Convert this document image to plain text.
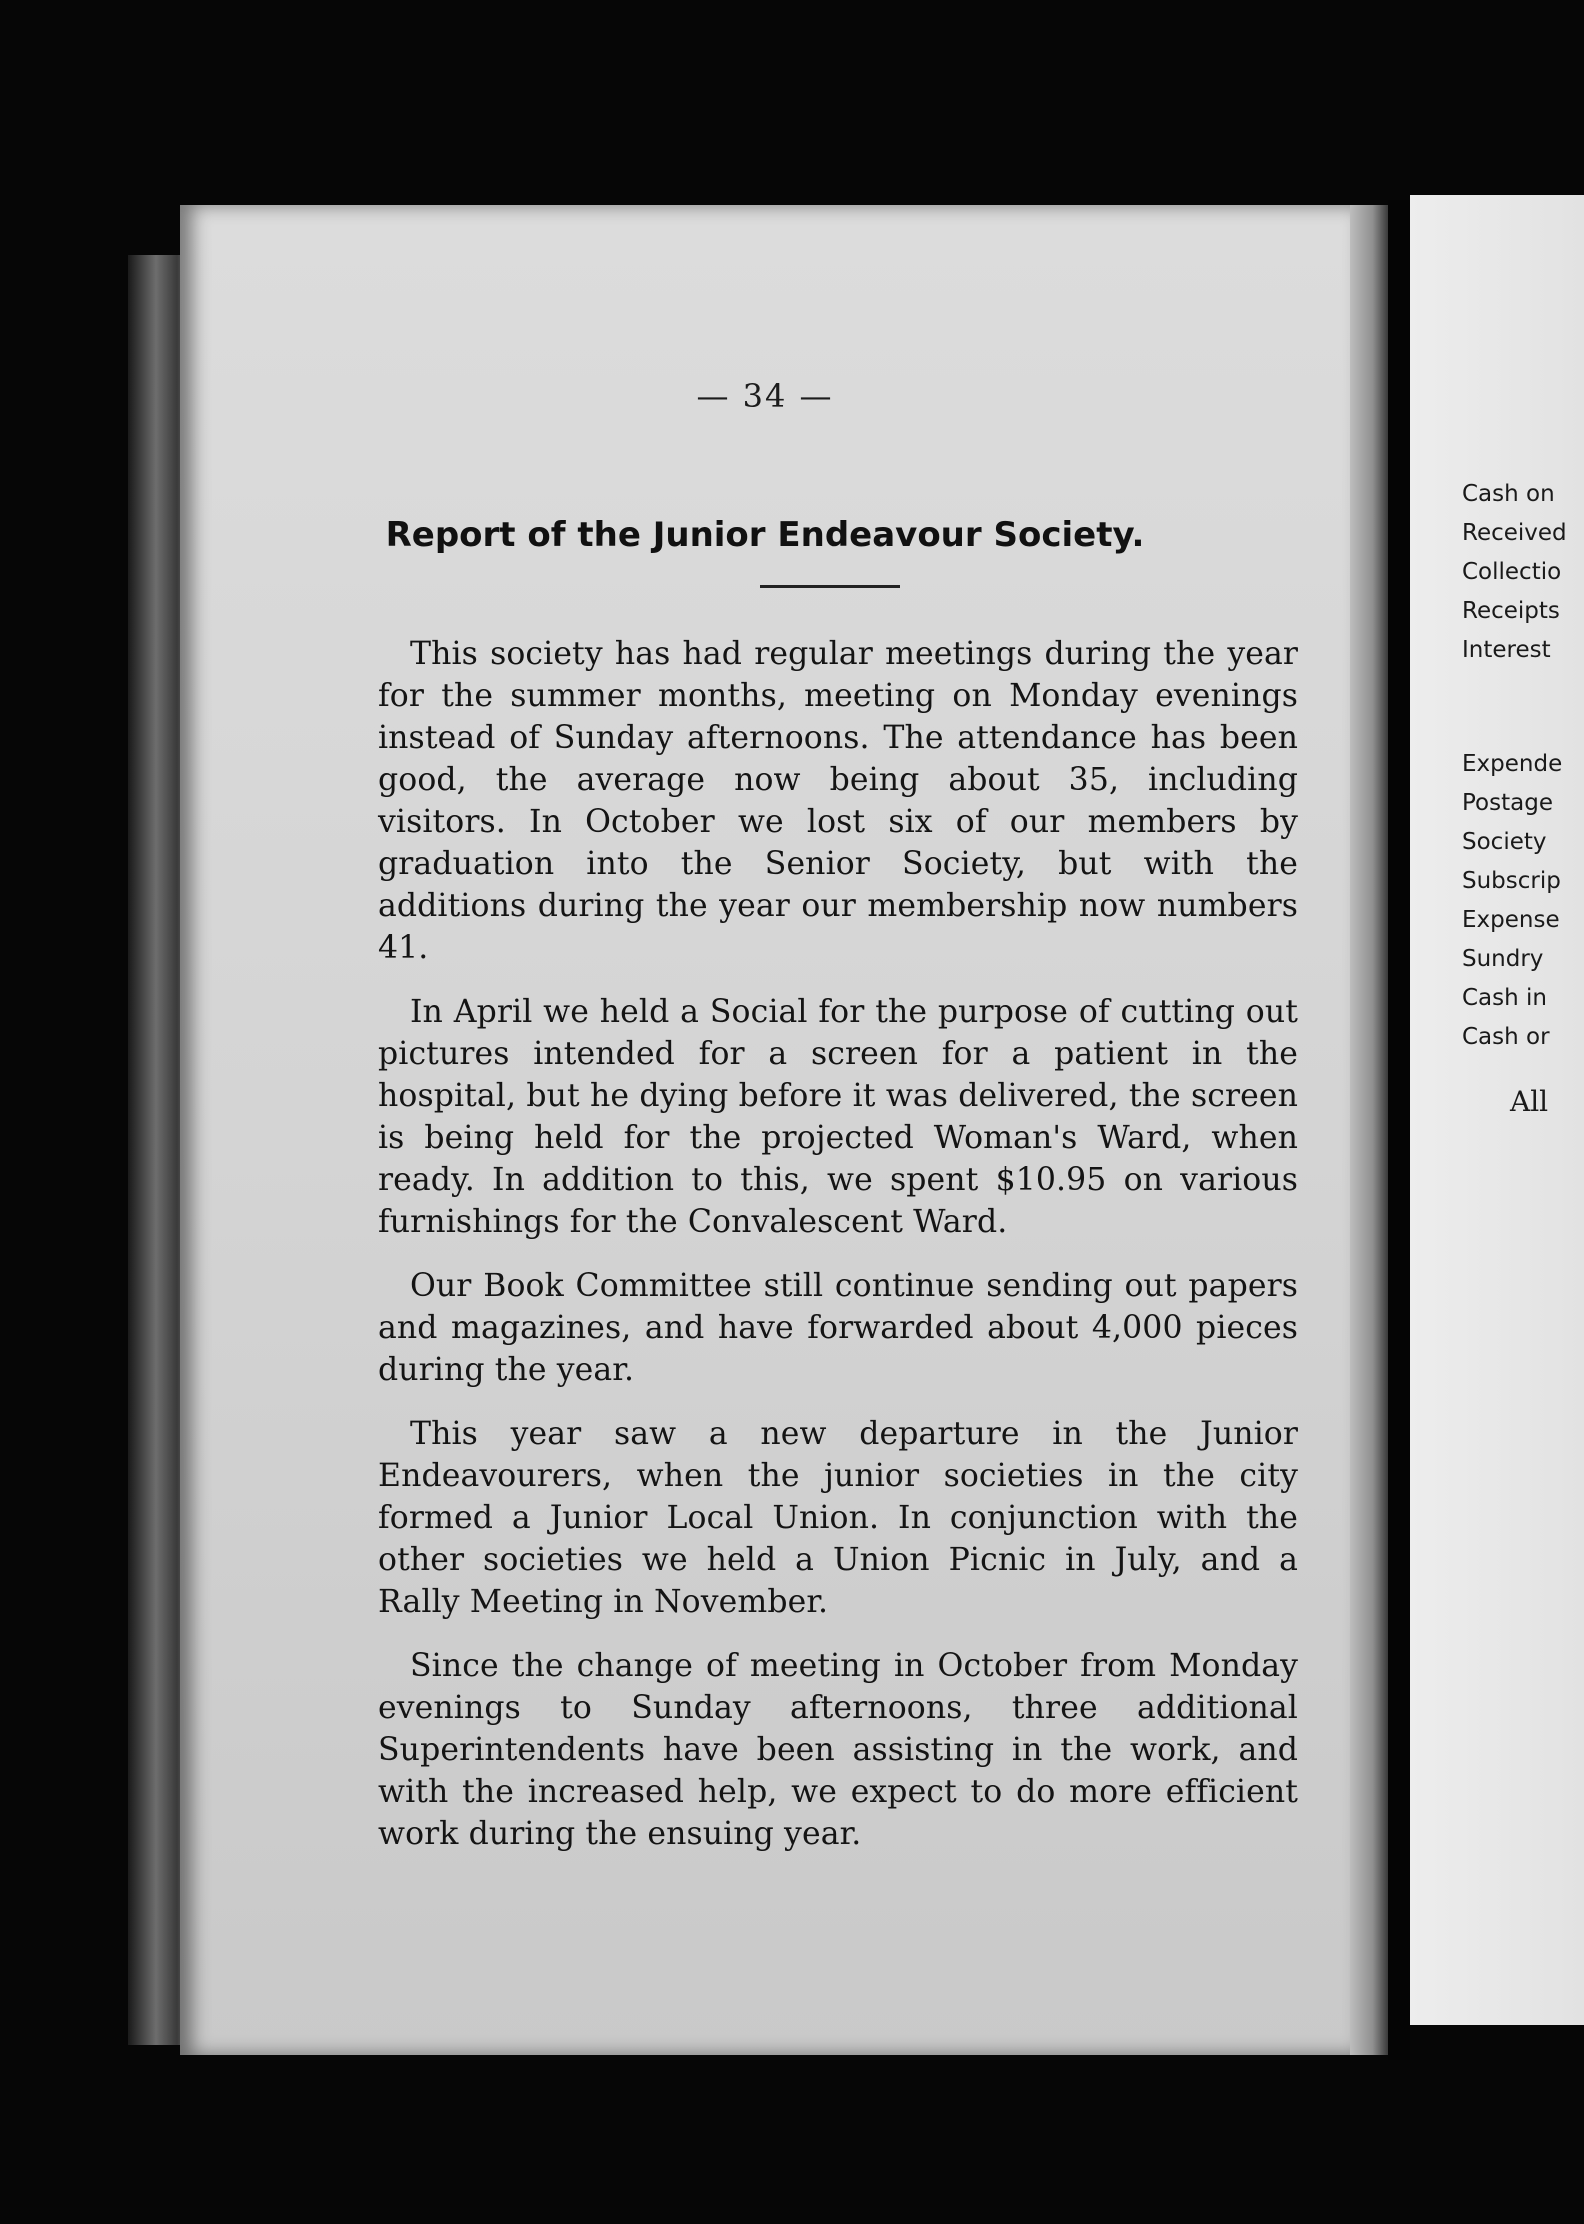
— 34 —
Report of the Junior Endeavour Society.

This society has had regular meetings during the year for the summer months, meeting on Monday evenings instead of Sunday afternoons. The attendance has been good, the average now being about 35, including visitors. In October we lost six of our members by graduation into the Senior Society, but with the additions during the year our membership now numbers 41.

In April we held a Social for the purpose of cutting out pictures intended for a screen for a patient in the hospital, but he dying before it was delivered, the screen is being held for the projected Woman's Ward, when ready. In addition to this, we spent $10.95 on various furnishings for the Convalescent Ward.

Our Book Committee still continue sending out papers and magazines, and have forwarded about 4,000 pieces during the year.

This year saw a new departure in the Junior Endeavourers, when the junior societies in the city formed a Junior Local Union. In conjunction with the other societies we held a Union Picnic in July, and a Rally Meeting in November.

Since the change of meeting in October from Monday evenings to Sunday afternoons, three additional Superintendents have been assisting in the work, and with the increased help, we expect to do more efficient work during the ensuing year.

Cash on
Received
Collectio
Receipts
Interest
Expende
Postage
Society
Subscrip
Expense
Sundry
Cash in
Cash or
All
